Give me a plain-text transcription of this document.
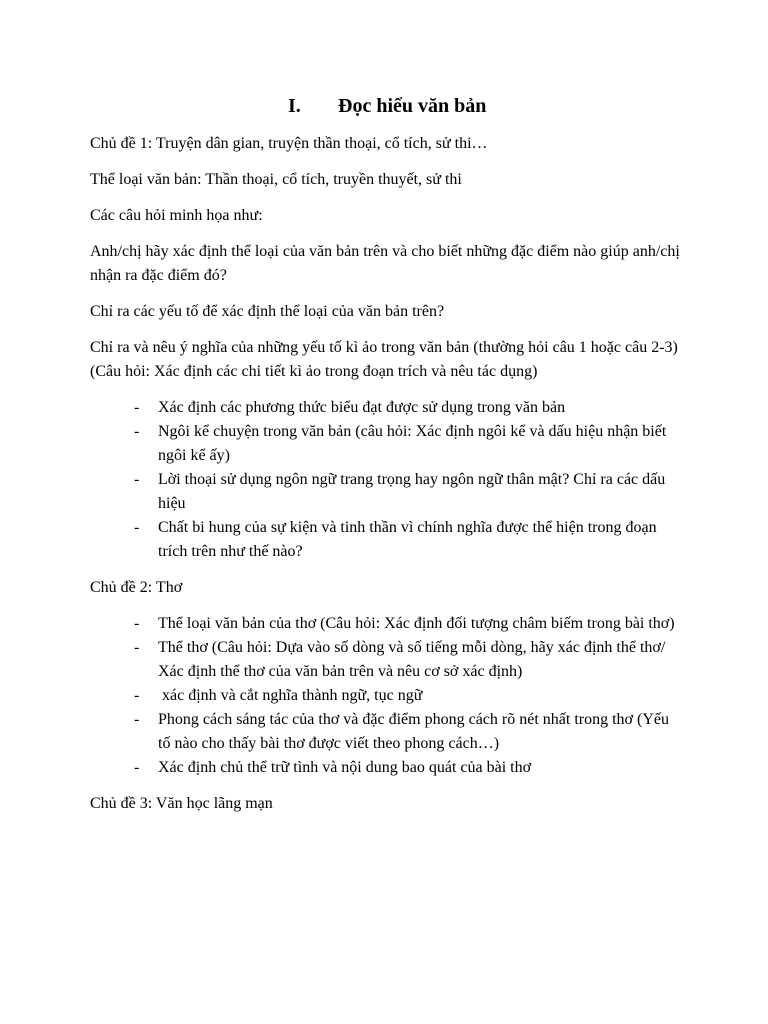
I.	Đọc hiểu văn bản

Chủ đề 1: Truyện dân gian, truyện thần thoại, cổ tích, sử thi…

Thể loại văn bản: Thần thoại, cổ tích, truyền thuyết, sử thi

Các câu hỏi minh họa như:

Anh/chị hãy xác định thể loại của văn bản trên và cho biết những đặc điểm nào giúp anh/chị nhận ra đặc điểm đó?

Chỉ ra các yếu tố để xác định thể loại của văn bản trên?

Chỉ ra và nêu ý nghĩa của những yếu tố kì ảo trong văn bản (thường hỏi câu 1 hoặc câu 2-3) (Câu hỏi: Xác định các chi tiết kì ảo trong đoạn trích và nêu tác dụng)

- Xác định các phương thức biểu đạt được sử dụng trong văn bản
- Ngôi kể chuyện trong văn bản (câu hỏi: Xác định ngôi kể và dấu hiệu nhận biết ngôi kể ấy)
- Lời thoại sử dụng ngôn ngữ trang trọng hay ngôn ngữ thân mật? Chỉ ra các dấu hiệu
- Chất bi hung của sự kiện và tinh thần vì chính nghĩa được thể hiện trong đoạn trích trên như thế nào?

Chủ đề 2: Thơ

- Thể loại văn bản của thơ (Câu hỏi: Xác định đối tượng châm biếm trong bài thơ)
- Thể thơ (Câu hỏi: Dựa vào số dòng và số tiếng mỗi dòng, hãy xác định thể thơ/ Xác định thể thơ của văn bản trên và nêu cơ sở xác định)
- xác định và cắt nghĩa thành ngữ, tục ngữ
- Phong cách sáng tác của thơ và đặc điểm phong cách rõ nét nhất trong thơ (Yếu tố nào cho thấy bài thơ được viết theo phong cách…)
- Xác định chủ thể trữ tình và nội dung bao quát của bài thơ

Chủ đề 3: Văn học lãng mạn
